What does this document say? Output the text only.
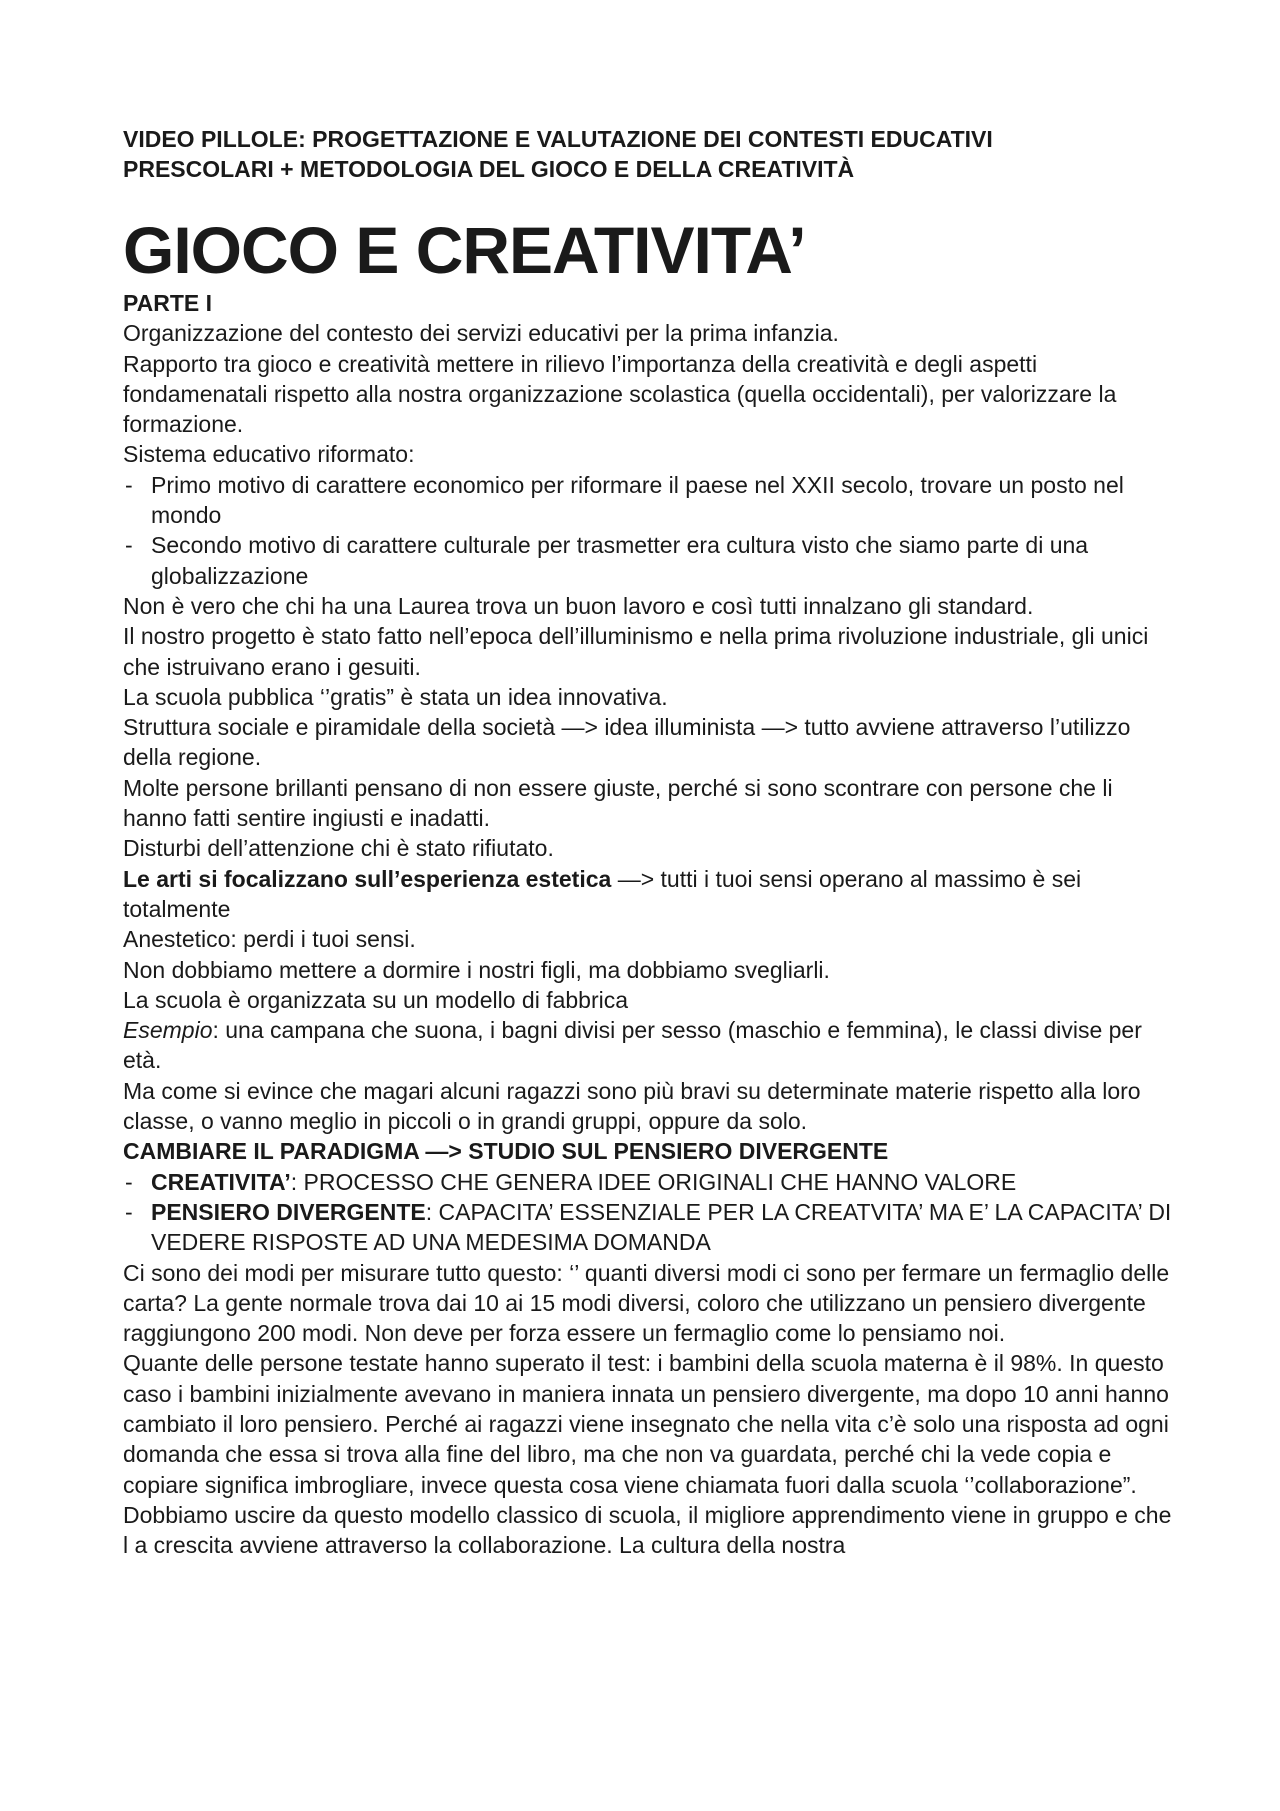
VIDEO PILLOLE: PROGETTAZIONE E VALUTAZIONE DEI CONTESTI EDUCATIVI
PRESCOLARI + METODOLOGIA DEL GIOCO E DELLA CREATIVITÀ
GIOCO E CREATIVITA’

PARTE I

Organizzazione del contesto dei servizi educativi per la prima infanzia.

Rapporto tra gioco e creatività mettere in rilievo l’importanza della creatività e degli aspetti fondamenatali rispetto alla nostra organizzazione scolastica (quella occidentali), per valorizzare la formazione.

Sistema educativo riformato:

- Primo motivo di carattere economico per riformare il paese nel XXII secolo, trovare un posto nel mondo
- Secondo motivo di carattere culturale per trasmetter era cultura visto che siamo parte di una globalizzazione

Non è vero che chi ha una Laurea trova un buon lavoro e così tutti innalzano gli standard.

Il nostro progetto è stato fatto nell’epoca dell’illuminismo e nella prima rivoluzione industriale, gli unici che istruivano erano i gesuiti.

La scuola pubblica ‘’gratis” è stata un idea innovativa.

Struttura sociale e piramidale della società —> idea illuminista —> tutto avviene attraverso l’utilizzo della regione.

Molte persone brillanti pensano di non essere giuste, perché si sono scontrare con persone che li hanno fatti sentire ingiusti e inadatti.

Disturbi dell’attenzione chi è stato rifiutato.

Le arti si focalizzano sull’esperienza estetica —> tutti i tuoi sensi operano al massimo è sei totalmente

Anestetico: perdi i tuoi sensi.

Non dobbiamo mettere a dormire i nostri figli, ma dobbiamo svegliarli.

La scuola è organizzata su un modello di fabbrica

Esempio: una campana che suona, i bagni divisi per sesso (maschio e femmina), le classi divise per età.

Ma come si evince che magari alcuni ragazzi sono più bravi su determinate materie rispetto alla loro classe, o vanno meglio in piccoli o in grandi gruppi, oppure da solo.

CAMBIARE IL PARADIGMA —> STUDIO SUL PENSIERO DIVERGENTE

- CREATIVITA’: PROCESSO CHE GENERA IDEE ORIGINALI CHE HANNO VALORE
- PENSIERO DIVERGENTE: CAPACITA’ ESSENZIALE PER LA CREATVITA’ MA E’ LA CAPACITA’ DI VEDERE RISPOSTE AD UNA MEDESIMA DOMANDA

Ci sono dei modi per misurare tutto questo: ‘’ quanti diversi modi ci sono per fermare un fermaglio delle carta? La gente normale trova dai 10 ai 15 modi diversi, coloro che utilizzano un pensiero divergente raggiungono 200 modi. Non deve per forza essere un fermaglio come lo pensiamo noi.

Quante delle persone testate hanno superato il test: i bambini della scuola materna è il 98%. In questo caso i bambini inizialmente avevano in maniera innata un pensiero divergente, ma dopo 10 anni hanno cambiato il loro pensiero. Perché ai ragazzi viene insegnato che nella vita c’è solo una risposta ad ogni domanda che essa si trova alla fine del libro, ma che non va guardata, perché chi la vede copia e copiare significa imbrogliare, invece questa cosa viene chiamata fuori dalla scuola ‘’collaborazione”.

Dobbiamo uscire da questo modello classico di scuola, il migliore apprendimento viene in gruppo e che l a crescita avviene attraverso la collaborazione. La cultura della nostra
